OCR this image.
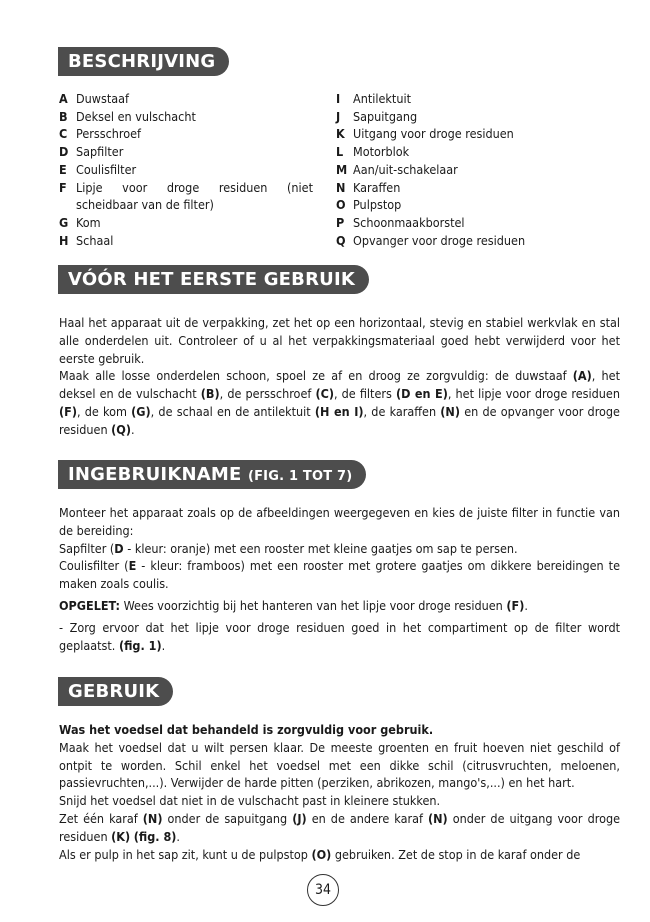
BESCHRIJVING
A Duwstaaf
B Deksel en vulschacht
C Persschroef
D Sapfilter
E Coulisfilter
F Lipje voor droge residuen (niet scheidbaar van de filter)
G Kom
H Schaal
I	Antilektuit
J	Sapuitgang
K Uitgang voor droge residuen
L Motorblok
M Aan/uit-schakelaar
N Karaffen
O Pulpstop
P Schoonmaakborstel
Q Opvanger voor droge residuen
VÓÓR HET EERSTE GEBRUIK

Haal het apparaat uit de verpakking, zet het op een horizontaal, stevig en stabiel werkvlak en stal alle onderdelen uit. Controleer of u al het verpakkingsmateriaal goed hebt verwijderd voor het eerste gebruik.

Maak alle losse onderdelen schoon, spoel ze af en droog ze zorgvuldig: de duwstaaf (A), het deksel en de vulschacht (B), de persschroef (C), de filters (D en E), het lipje voor droge residuen (F), de kom (G), de schaal en de antilektuit (H en I), de karaffen (N) en de opvanger voor droge residuen (Q).

INGEBRUIKNAME (FIG. 1 TOT 7)

Monteer het apparaat zoals op de afbeeldingen weergegeven en kies de juiste filter in functie van de bereiding:

Sapfilter (D - kleur: oranje) met een rooster met kleine gaatjes om sap te persen.

Coulisfilter (E - kleur: framboos) met een rooster met grotere gaatjes om dikkere bereidingen te maken zoals coulis.

OPGELET: Wees voorzichtig bij het hanteren van het lipje voor droge residuen (F).

- Zorg ervoor dat het lipje voor droge residuen goed in het compartiment op de filter wordt geplaatst. (fig. 1).

GEBRUIK

Was het voedsel dat behandeld is zorgvuldig voor gebruik.

Maak het voedsel dat u wilt persen klaar. De meeste groenten en fruit hoeven niet geschild of ontpit te worden. Schil enkel het voedsel met een dikke schil (citrusvruchten, meloenen, passievruchten,...). Verwijder de harde pitten (perziken, abrikozen, mango's,...) en het hart.

Snijd het voedsel dat niet in de vulschacht past in kleinere stukken.

Zet één karaf (N) onder de sapuitgang (J) en de andere karaf (N) onder de uitgang voor droge residuen (K) (fig. 8).

Als er pulp in het sap zit, kunt u de pulpstop (O) gebruiken. Zet de stop in de karaf onder de

34
